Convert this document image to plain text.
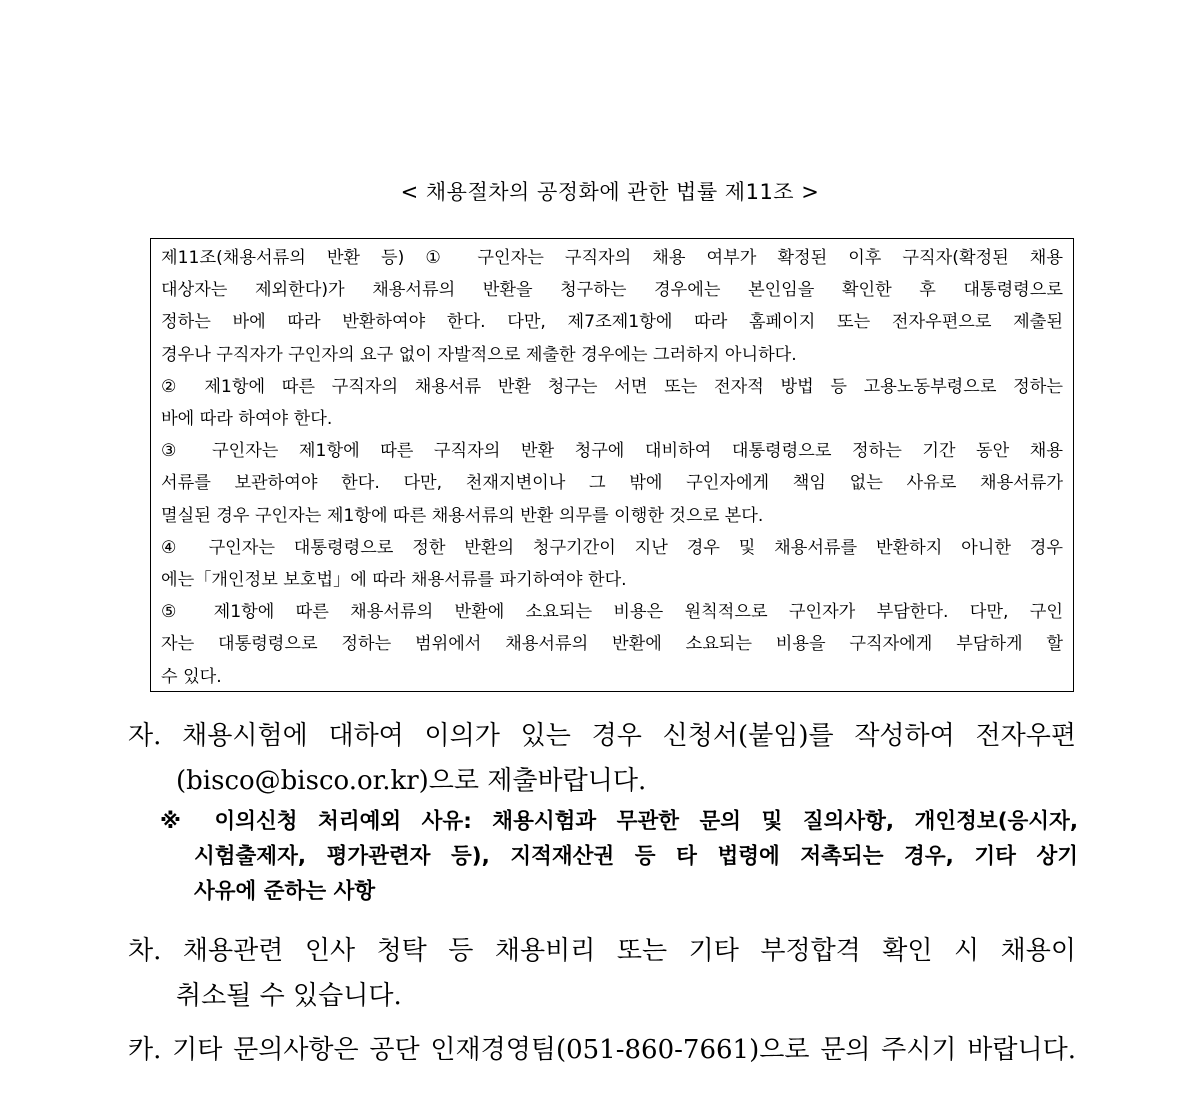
< 채용절차의 공정화에 관한 법률 제11조 >
제11조(채용서류의 반환 등) ① 구인자는 구직자의 채용 여부가 확정된 이후 구직자(확정된 채용
대상자는 제외한다)가 채용서류의 반환을 청구하는 경우에는 본인임을 확인한 후 대통령령으로
정하는 바에 따라 반환하여야 한다. 다만, 제7조제1항에 따라 홈페이지 또는 전자우편으로 제출된
경우나 구직자가 구인자의 요구 없이 자발적으로 제출한 경우에는 그러하지 아니하다.
② 제1항에 따른 구직자의 채용서류 반환 청구는 서면 또는 전자적 방법 등 고용노동부령으로 정하는
바에 따라 하여야 한다.
③ 구인자는 제1항에 따른 구직자의 반환 청구에 대비하여 대통령령으로 정하는 기간 동안 채용
서류를 보관하여야 한다. 다만, 천재지변이나 그 밖에 구인자에게 책임 없는 사유로 채용서류가
멸실된 경우 구인자는 제1항에 따른 채용서류의 반환 의무를 이행한 것으로 본다.
④ 구인자는 대통령령으로 정한 반환의 청구기간이 지난 경우 및 채용서류를 반환하지 아니한 경우
에는「개인정보 보호법」에 따라 채용서류를 파기하여야 한다.
⑤ 제1항에 따른 채용서류의 반환에 소요되는 비용은 원칙적으로 구인자가 부담한다. 다만, 구인
자는 대통령령으로 정하는 범위에서 채용서류의 반환에 소요되는 비용을 구직자에게 부담하게 할
수 있다.
자. 채용시험에 대하여 이의가 있는 경우 신청서(붙임)를 작성하여 전자우편
(bisco@bisco.or.kr)으로 제출바랍니다.
※ 이의신청 처리예외 사유: 채용시험과 무관한 문의 및 질의사항, 개인정보(응시자,
시험출제자, 평가관련자 등), 지적재산권 등 타 법령에 저촉되는 경우, 기타 상기
사유에 준하는 사항
차. 채용관련 인사 청탁 등 채용비리 또는 기타 부정합격 확인 시 채용이
취소될 수 있습니다.
카. 기타 문의사항은 공단 인재경영팀(051-860-7661)으로 문의 주시기 바랍니다.
